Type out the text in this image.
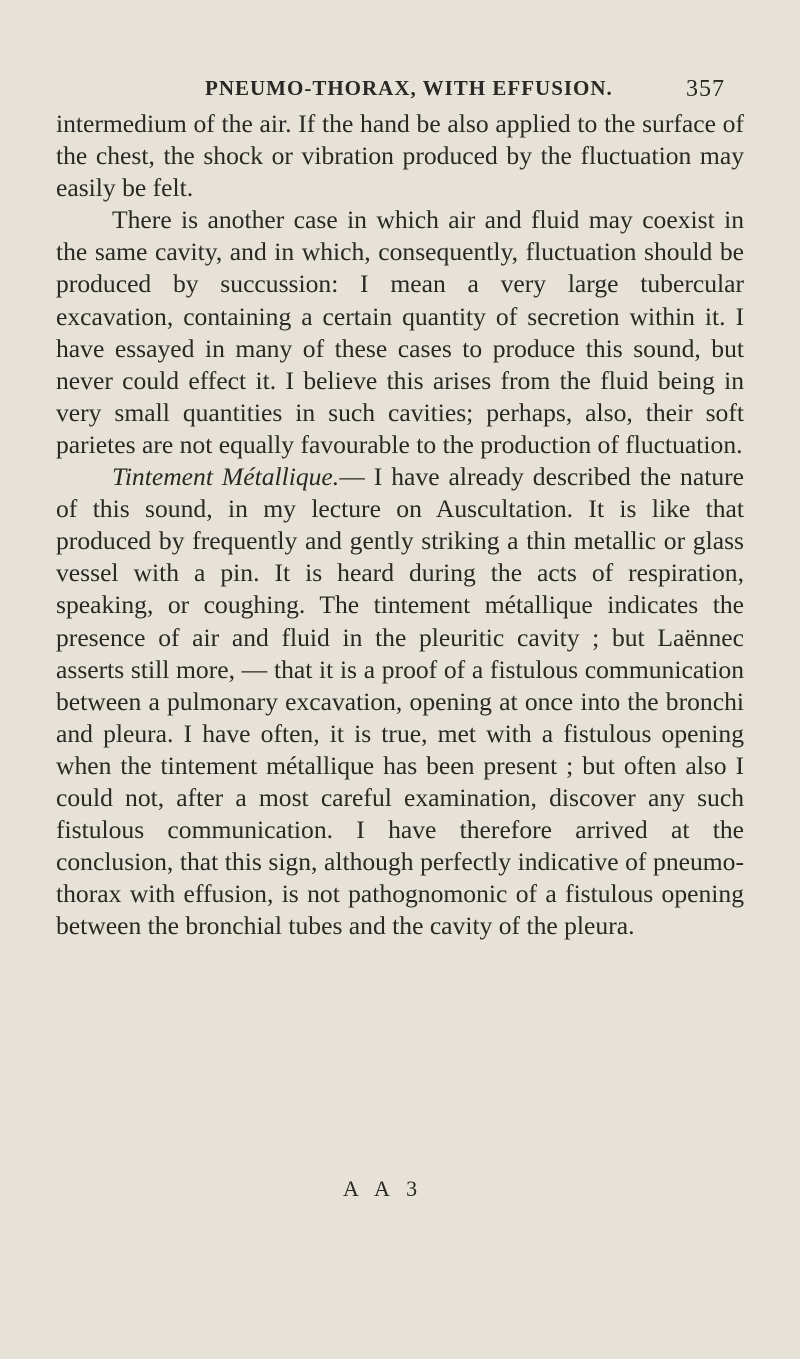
PNEUMO-THORAX, WITH EFFUSION.	357

intermedium of the air. If the hand be also applied to the surface of the chest, the shock or vibration produced by the fluctuation may easily be felt.

There is another case in which air and fluid may coexist in the same cavity, and in which, consequently, fluctuation should be produced by succussion: I mean a very large tubercular excavation, containing a certain quantity of secretion within it. I have essayed in many of these cases to produce this sound, but never could effect it. I believe this arises from the fluid being in very small quantities in such cavities; perhaps, also, their soft parietes are not equally favourable to the production of fluctuation.

Tintement Métallique.— I have already described the nature of this sound, in my lecture on Auscultation. It is like that produced by frequently and gently striking a thin metallic or glass vessel with a pin. It is heard during the acts of respiration, speaking, or coughing. The tintement métallique indicates the presence of air and fluid in the pleuritic cavity ; but Laënnec asserts still more, — that it is a proof of a fistulous communication between a pulmonary excavation, opening at once into the bronchi and pleura. I have often, it is true, met with a fistulous opening when the tintement métallique has been present ; but often also I could not, after a most careful examination, discover any such fistulous communication. I have therefore arrived at the conclusion, that this sign, although perfectly indicative of pneumo-thorax with effusion, is not pathognomonic of a fistulous opening between the bronchial tubes and the cavity of the pleura.

A A 3
